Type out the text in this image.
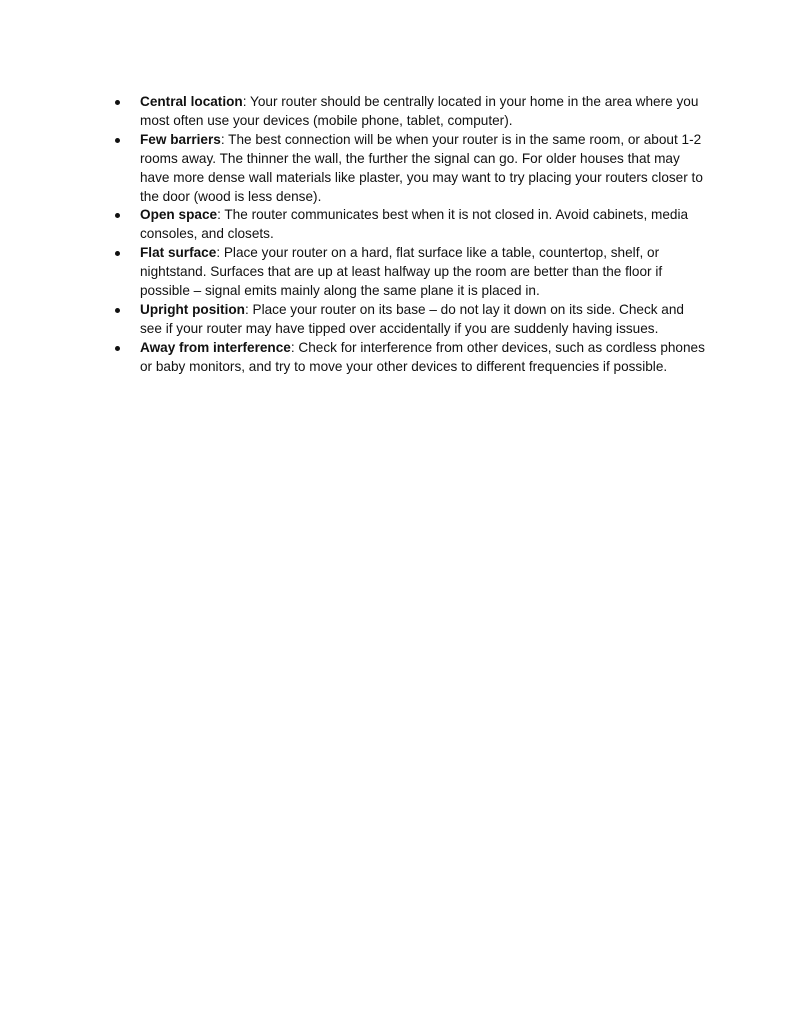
Central location: Your router should be centrally located in your home in the area where you most often use your devices (mobile phone, tablet, computer).
Few barriers: The best connection will be when your router is in the same room, or about 1-2 rooms away. The thinner the wall, the further the signal can go. For older houses that may have more dense wall materials like plaster, you may want to try placing your routers closer to the door (wood is less dense).
Open space: The router communicates best when it is not closed in. Avoid cabinets, media consoles, and closets.
Flat surface: Place your router on a hard, flat surface like a table, countertop, shelf, or nightstand. Surfaces that are up at least halfway up the room are better than the floor if possible – signal emits mainly along the same plane it is placed in.
Upright position: Place your router on its base – do not lay it down on its side. Check and see if your router may have tipped over accidentally if you are suddenly having issues.
Away from interference: Check for interference from other devices, such as cordless phones or baby monitors, and try to move your other devices to different frequencies if possible.
